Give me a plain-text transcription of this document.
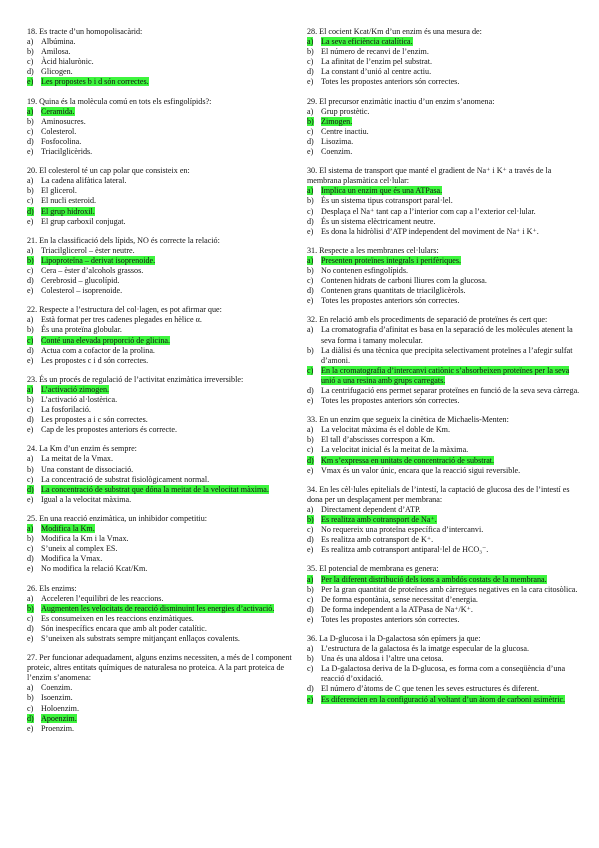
18. Es tracte d’un homopolisacàrid:
a) Albúmina.
b) Amilosa.
c) Àcid hialurònic.
d) Glicogen.
e) Les propostes b i d són correctes.
19. Quina és la molècula comú en tots els esfingolípids?:
a) Ceramida.
b) Aminosucres.
c) Colesterol.
d) Fosfocolina.
e) Triacilglicèrids.
20. El colesterol té un cap polar que consisteix en:
a) La cadena alifàtica lateral.
b) El glicerol.
c) El nucli esteroid.
d) El grup hidroxil.
e) El grup carboxil conjugat.
21. En la classificació dels lípids, NO és correcte la relació:
a) Triacilglicerol – èster neutre.
b) Lipoproteïna – derivat isoprenoide.
c) Cera – èster d’alcohols grassos.
d) Cerebrosid – glucolípid.
e) Colesterol – isoprenoide.
22. Respecte a l’estructura del col·lagen, es pot afirmar que:
a) Està format per tres cadenes plegades en hèlice α.
b) És una proteïna globular.
c) Conté una elevada proporció de glicina.
d) Actua com a cofactor de la prolina.
e) Les propostes c i d són correctes.
23. És un procés de regulació de l’activitat enzimàtica irreversible:
a) L’activació zimogen.
b) L’activació al·lostèrica.
c) La fosforilació.
d) Les propostes a i c són correctes.
e) Cap de les propostes anteriors és correcte.
24. La Km d’un enzim és sempre:
a) La meitat de la Vmax.
b) Una constant de dissociació.
c) La concentració de substrat fisiològicament normal.
d) La concentració de substrat que dóna la meitat de la velocitat màxima.
e) Igual a la velocitat màxima.
25. En una reacció enzimàtica, un inhibidor competitiu:
a) Modifica la Km.
b) Modifica la Km i la Vmax.
c) S’uneix al complex ES.
d) Modifica la Vmax.
e) No modifica la relació Kcat/Km.
26. Els enzims:
a) Acceleren l’equilibri de les reaccions.
b) Augmenten les velocitats de reacció disminuint les energies d’activació.
c) Es consumeixen en les reaccions enzimàtiques.
d) Són inespecífics encara que amb alt poder catalític.
e) S’uneixen als substrats sempre mitjançant enllaços covalents.
27. Per funcionar adequadament, alguns enzims necessiten, a més de l component proteic, altres entitats químiques de naturalesa no proteica. A la part proteica de l’enzim s’anomena:
a) Coenzim.
b) Isoenzim.
c) Holoenzim.
d) Apoenzim.
e) Proenzim.
28. El cocient Kcat/Km d’un enzim és una mesura de:
a) La seva eficiència catalítica.
b) El número de recanvi de l’enzim.
c) La afinitat de l’enzim pel substrat.
d) La constant d’unió al centre actiu.
e) Totes les propostes anteriors són correctes.
29. El precursor enzimàtic inactiu d’un enzim s’anomena:
a) Grup prostètic.
b) Zimogen.
c) Centre inactiu.
d) Lisozima.
e) Coenzim.
30. El sistema de transport que manté el gradient de Na⁺ i K⁺ a través de la membrana plasmàtica cel·lular:
a) Implica un enzim que és una ATPasa.
b) És un sistema tipus cotransport paral·lel.
c) Desplaça el Na⁺ tant cap a l’interior com cap a l’exterior cel·lular.
d) És un sistema elèctricament neutre.
e) Es dona la hidròlisi d’ATP independent del moviment de Na⁺ i K⁺.
31. Respecte a les membranes cel·lulars:
a) Presenten proteïnes integrals i perifèriques.
b) No contenen esfingolípids.
c) Contenen hidrats de carboni lliures com la glucosa.
d) Contenen grans quantitats de triacilglicèrols.
e) Totes les propostes anteriors són correctes.
32. En relació amb els procediments de separació de proteïnes és cert que:
a) La cromatografia d’afinitat es basa en la separació de les molècules atenent la seva forma i tamany molecular.
b) La diàlisi és una tècnica que precipita selectivament proteïnes a l’afegir sulfat d’amoni.
c) En la cromatografia d’intercanvi catiònic s’absorbeixen proteïnes per la seva unió a una resina amb grups carregats.
d) La centrifugació ens permet separar proteïnes en funció de la seva seva càrrega.
e) Totes les propostes anteriors són correctes.
33. En un enzim que segueix la cinètica de Michaelis-Menten:
a) La velocitat màxima és el doble de Km.
b) El tall d’abscisses correspon a Km.
c) La velocitat inicial és la meitat de la màxima.
d) Km s’expressa en unitats de concentració de substrat.
e) Vmax és un valor únic, encara que la reacció sigui reversible.
34. En les cèl·lules epitelials de l’intestí, la captació de glucosa des de l’intestí es dona per un desplaçament per membrana:
a) Directament dependent d’ATP.
b) Es realitza amb cotransport de Na⁺.
c) No requereix una proteïna específica d’intercanvi.
d) Es realitza amb cotransport de K⁺.
e) Es realitza amb cotransport antiparal·lel de HCO₃⁻.
35. El potencial de membrana es genera:
a) Per la diferent distribució dels ions a ambdós costats de la membrana.
b) Per la gran quantitat de proteïnes amb càrregues negatives en la cara citosòlica.
c) De forma espontània, sense necessitat d’energia.
d) De forma independent a la ATPasa de Na⁺/K⁺.
e) Totes les propostes anteriors són correctes.
36. La D-glucosa i la D-galactosa són epímers ja que:
a) L’estructura de la galactosa és la imatge especular de la glucosa.
b) Una és una aldosa i l’altre una cetosa.
c) La D-galactosa deriva de la D-glucosa, es forma com a conseqüència d’una reacció d’oxidació.
d) El número d’àtoms de C que tenen les seves estructures és diferent.
e) Es diferencien en la configuració al voltant d’un àtom de carboni asimètric.
